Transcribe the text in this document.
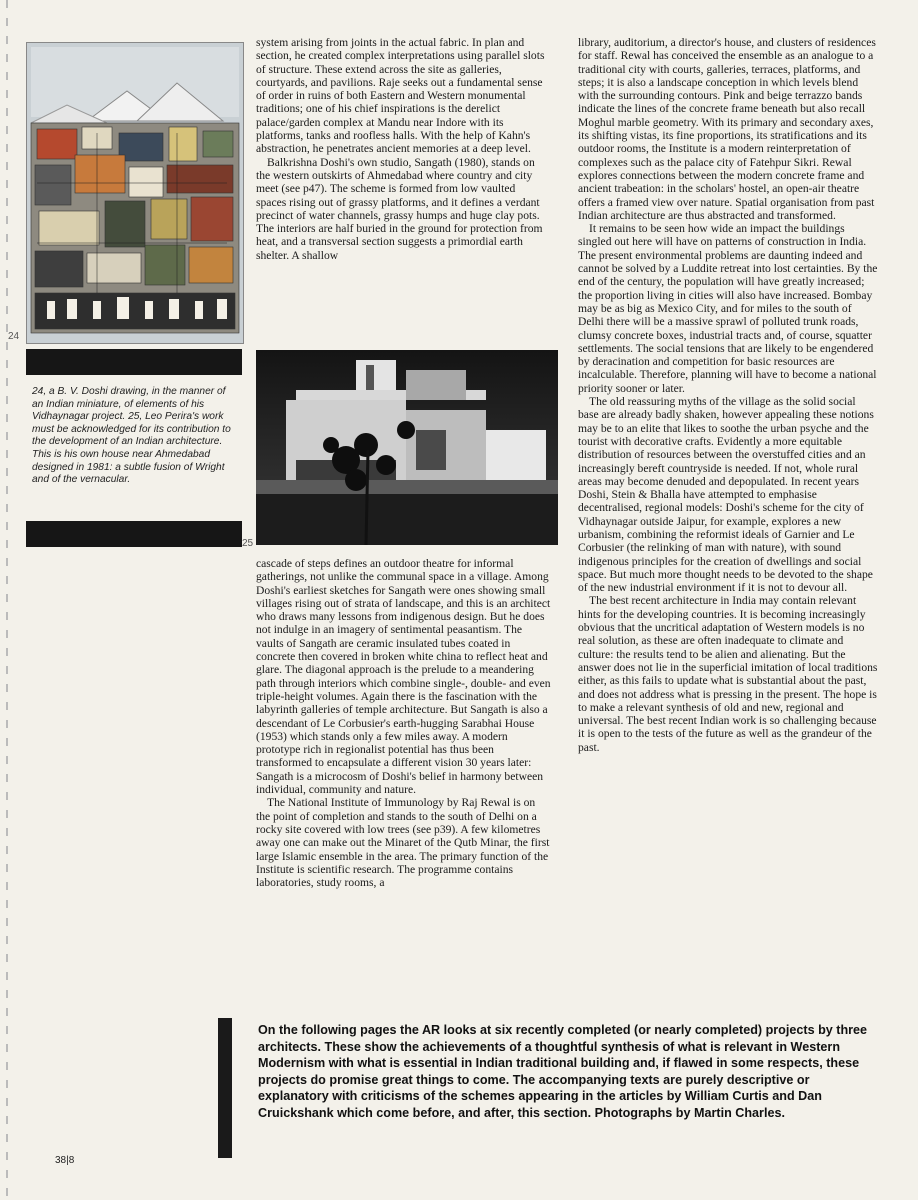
24

24, a B. V. Doshi drawing, in the manner of an Indian miniature, of elements of his Vidhaynagar project. 25, Leo Perira's work must be acknowledged for its contribution to the development of an Indian architecture. This is his own house near Ahmedabad designed in 1981: a subtle fusion of Wright and of the vernacular.

25

system arising from joints in the actual fabric. In plan and section, he created complex interpretations using parallel slots of structure. These extend across the site as galleries, courtyards, and pavilions. Raje seeks out a fundamental sense of order in ruins of both Eastern and Western monumental traditions; one of his chief inspirations is the derelict palace/garden complex at Mandu near Indore with its platforms, tanks and roofless halls. With the help of Kahn's abstraction, he penetrates ancient memories at a deep level.

Balkrishna Doshi's own studio, Sangath (1980), stands on the western outskirts of Ahmedabad where country and city meet (see p47). The scheme is formed from low vaulted spaces rising out of grassy platforms, and it defines a verdant precinct of water channels, grassy humps and huge clay pots. The interiors are half buried in the ground for protection from heat, and a transversal section suggests a primordial earth shelter. A shallow

cascade of steps defines an outdoor theatre for informal gatherings, not unlike the communal space in a village. Among Doshi's earliest sketches for Sangath were ones showing small villages rising out of strata of landscape, and this is an architect who draws many lessons from indigenous design. But he does not indulge in an imagery of sentimental peasantism. The vaults of Sangath are ceramic insulated tubes coated in concrete then covered in broken white china to reflect heat and glare. The diagonal approach is the prelude to a meandering path through interiors which combine single-, double- and even triple-height volumes. Again there is the fascination with the labyrinth galleries of temple architecture. But Sangath is also a descendant of Le Corbusier's earth-hugging Sarabhai House (1953) which stands only a few miles away. A modern prototype rich in regionalist potential has thus been transformed to encapsulate a different vision 30 years later: Sangath is a microcosm of Doshi's belief in harmony between individual, community and nature.

The National Institute of Immunology by Raj Rewal is on the point of completion and stands to the south of Delhi on a rocky site covered with low trees (see p39). A few kilometres away one can make out the Minaret of the Qutb Minar, the first large Islamic ensemble in the area. The primary function of the Institute is scientific research. The programme contains laboratories, study rooms, a

library, auditorium, a director's house, and clusters of residences for staff. Rewal has conceived the ensemble as an analogue to a traditional city with courts, galleries, terraces, platforms, and steps; it is also a landscape conception in which levels blend with the surrounding contours. Pink and beige terrazzo bands indicate the lines of the concrete frame beneath but also recall Moghul marble geometry. With its primary and secondary axes, its shifting vistas, its fine proportions, its stratifications and its outdoor rooms, the Institute is a modern reinterpretation of complexes such as the palace city of Fatehpur Sikri. Rewal explores connections between the modern concrete frame and ancient trabeation: in the scholars' hostel, an open-air theatre offers a framed view over nature. Spatial organisation from past Indian architecture are thus abstracted and transformed.

It remains to be seen how wide an impact the buildings singled out here will have on patterns of construction in India. The present environmental problems are daunting indeed and cannot be solved by a Luddite retreat into lost certainties. By the end of the century, the population will have greatly increased; the proportion living in cities will also have increased. Bombay may be as big as Mexico City, and for miles to the south of Delhi there will be a massive sprawl of polluted trunk roads, clumsy concrete boxes, industrial tracts and, of course, squatter settlements. The social tensions that are likely to be engendered by deracination and competition for basic resources are incalculable. Therefore, planning will have to become a national priority sooner or later.

The old reassuring myths of the village as the solid social base are already badly shaken, however appealing these notions may be to an elite that likes to soothe the urban psyche and the tourist with decorative crafts. Evidently a more equitable distribution of resources between the overstuffed cities and an increasingly bereft countryside is needed. If not, whole rural areas may become denuded and depopulated. In recent years Doshi, Stein & Bhalla have attempted to emphasise decentralised, regional models: Doshi's scheme for the city of Vidhaynagar outside Jaipur, for example, explores a new urbanism, combining the reformist ideals of Garnier and Le Corbusier (the relinking of man with nature), with sound indigenous principles for the creation of dwellings and social space. But much more thought needs to be devoted to the shape of the new industrial environment if it is not to devour all.

The best recent architecture in India may contain relevant hints for the developing countries. It is becoming increasingly obvious that the uncritical adaptation of Western models is no real solution, as these are often inadequate to climate and culture: the results tend to be alien and alienating. But the answer does not lie in the superficial imitation of local traditions either, as this fails to update what is substantial about the past, and does not address what is pressing in the present. The hope is to make a relevant synthesis of old and new, regional and universal. The best recent Indian work is so challenging because it is open to the tests of the future as well as the grandeur of the past.

On the following pages the AR looks at six recently completed (or nearly completed) projects by three architects. These show the achievements of a thoughtful synthesis of what is relevant in Western Modernism with what is essential in Indian traditional building and, if flawed in some respects, these projects do promise great things to come. The accompanying texts are purely descriptive or explanatory with criticisms of the schemes appearing in the articles by William Curtis and Dan Cruickshank which come before, and after, this section. Photographs by Martin Charles.
38|8
